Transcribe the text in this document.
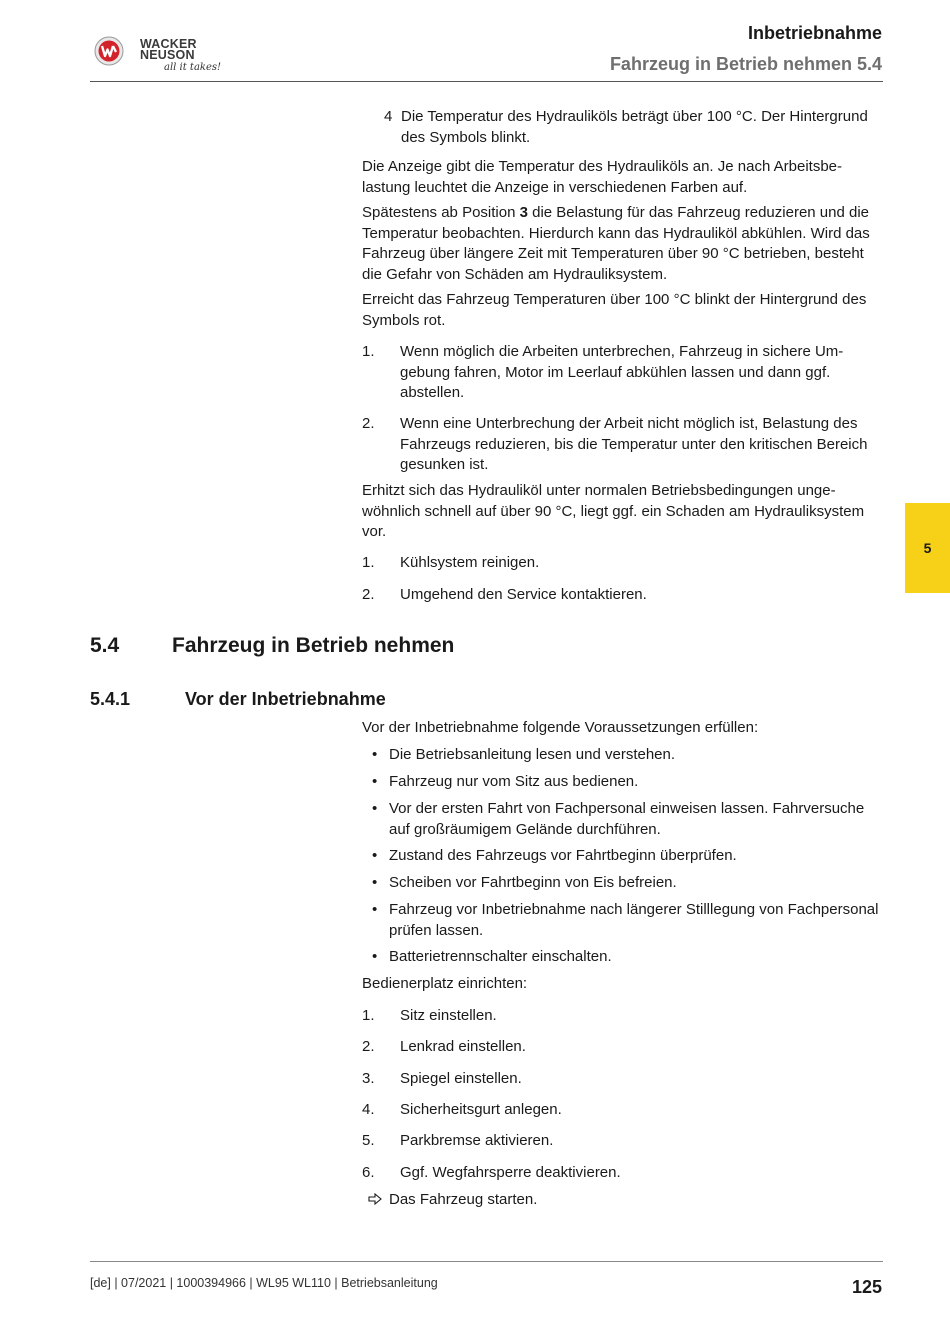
WACKER
NEUSON
all it takes!
Inbetriebnahme
Fahrzeug in Betrieb nehmen 5.4
5
4 Die Temperatur des Hydrauliköls beträgt über 100 °C. Der Hintergrund des Symbols blinkt.

Die Anzeige gibt die Temperatur des Hydrauliköls an. Je nach Arbeitsbelastung leuchtet die Anzeige in verschiedenen Farben auf.

Spätestens ab Position 3 die Belastung für das Fahrzeug reduzieren und die Temperatur beobachten. Hierdurch kann das Hydrauliköl abkühlen. Wird das Fahrzeug über längere Zeit mit Temperaturen über 90 °C betrieben, besteht die Gefahr von Schäden am Hydrauliksystem.

Erreicht das Fahrzeug Temperaturen über 100 °C blinkt der Hintergrund des Symbols rot.

1. Wenn möglich die Arbeiten unterbrechen, Fahrzeug in sichere Umgebung fahren, Motor im Leerlauf abkühlen lassen und dann ggf. abstellen.
2. Wenn eine Unterbrechung der Arbeit nicht möglich ist, Belastung des Fahrzeugs reduzieren, bis die Temperatur unter den kritischen Bereich gesunken ist.

Erhitzt sich das Hydrauliköl unter normalen Betriebsbedingungen ungewöhnlich schnell auf über 90 °C, liegt ggf. ein Schaden am Hydrauliksystem vor.

1. Kühlsystem reinigen.
2. Umgehend den Service kontaktieren.
5.4	Fahrzeug in Betrieb nehmen
5.4.1	Vor der Inbetriebnahme

Vor der Inbetriebnahme folgende Voraussetzungen erfüllen:

• Die Betriebsanleitung lesen und verstehen.
• Fahrzeug nur vom Sitz aus bedienen.
• Vor der ersten Fahrt von Fachpersonal einweisen lassen. Fahrversuche auf großräumigem Gelände durchführen.
• Zustand des Fahrzeugs vor Fahrtbeginn überprüfen.
• Scheiben vor Fahrtbeginn von Eis befreien.
• Fahrzeug vor Inbetriebnahme nach längerer Stilllegung von Fachpersonal prüfen lassen.
• Batterietrennschalter einschalten.

Bedienerplatz einrichten:

1. Sitz einstellen.
2. Lenkrad einstellen.
3. Spiegel einstellen.
4. Sicherheitsgurt anlegen.
5. Parkbremse aktivieren.
6. Ggf. Wegfahrsperre deaktivieren.
Das Fahrzeug starten.
[de] | 07/2021 | 1000394966 | WL95 WL110 | Betriebsanleitung	125
